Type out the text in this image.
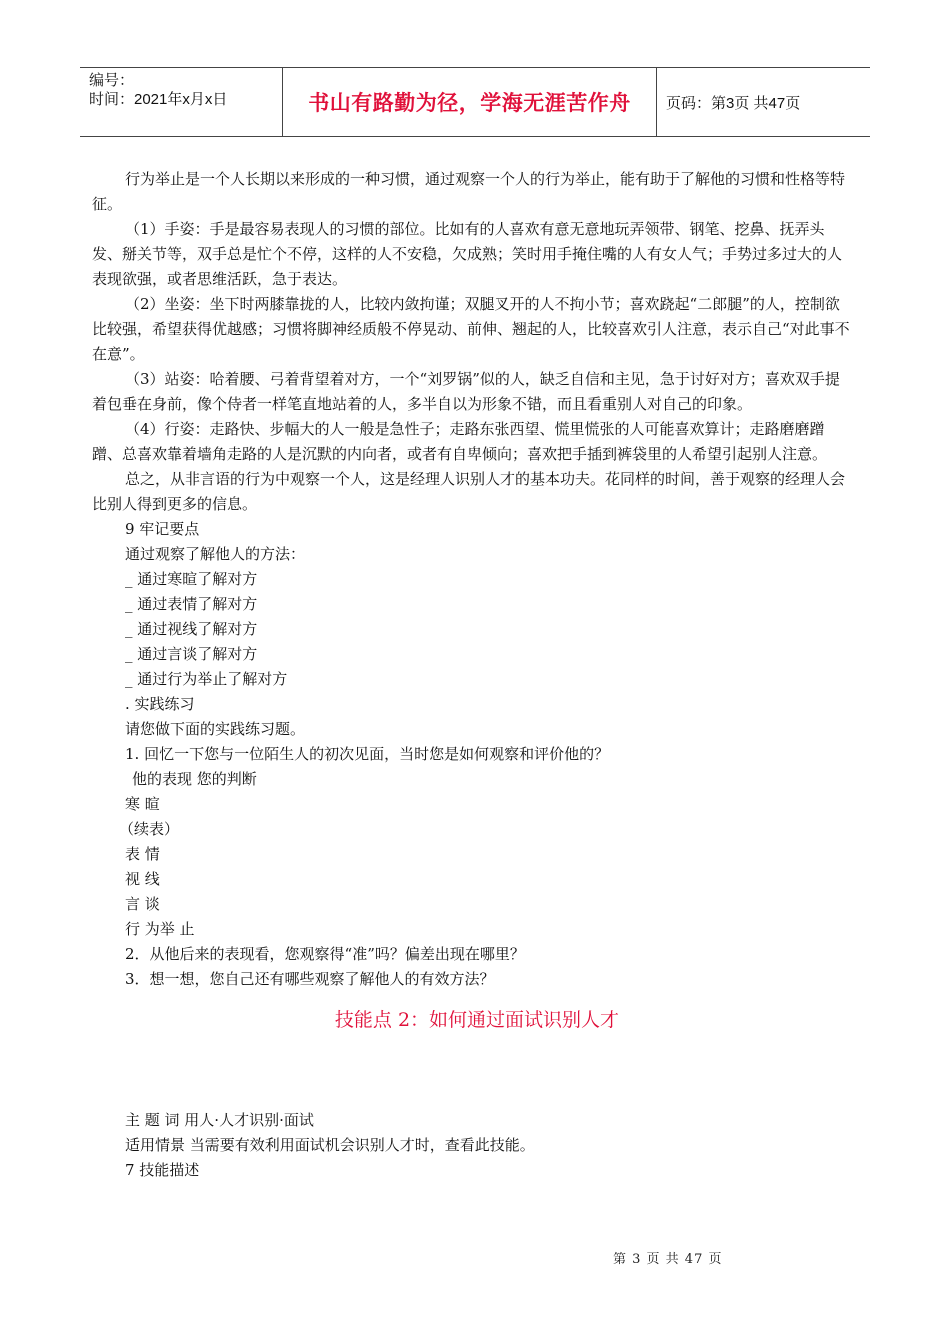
编号：
时间：2021年x月x日	书山有路勤为径，学海无涯苦作舟	页码：第3页 共47页

行为举止是一个人长期以来形成的一种习惯，通过观察一个人的行为举止，能有助于了解他的习惯和性格等特征。

（1）手姿：手是最容易表现人的习惯的部位。比如有的人喜欢有意无意地玩弄领带、钢笔、挖鼻、抚弄头发、掰关节等，双手总是忙个不停，这样的人不安稳，欠成熟；笑时用手掩住嘴的人有女人气；手势过多过大的人表现欲强，或者思维活跃，急于表达。

（2）坐姿：坐下时两膝靠拢的人，比较内敛拘谨；双腿叉开的人不拘小节；喜欢跷起“二郎腿”的人，控制欲比较强，希望获得优越感；习惯将脚神经质般不停晃动、前伸、翘起的人，比较喜欢引人注意，表示自己“对此事不在意”。

（3）站姿：哈着腰、弓着背望着对方，一个“刘罗锅”似的人，缺乏自信和主见，急于讨好对方；喜欢双手提着包垂在身前，像个侍者一样笔直地站着的人，多半自以为形象不错，而且看重别人对自己的印象。

（4）行姿：走路快、步幅大的人一般是急性子；走路东张西望、慌里慌张的人可能喜欢算计；走路磨磨蹭蹭、总喜欢靠着墙角走路的人是沉默的内向者，或者有自卑倾向；喜欢把手插到裤袋里的人希望引起别人注意。

总之，从非言语的行为中观察一个人，这是经理人识别人才的基本功夫。花同样的时间，善于观察的经理人会比别人得到更多的信息。

9 牢记要点

通过观察了解他人的方法：

_ 通过寒暄了解对方

_ 通过表情了解对方

_ 通过视线了解对方

_ 通过言谈了解对方

_ 通过行为举止了解对方

. 实践练习

请您做下面的实践练习题。

1. 回忆一下您与一位陌生人的初次见面，当时您是如何观察和评价他的？

他的表现 您的判断

寒 暄

（续表）

表 情

视 线

言 谈

行 为举 止

2．从他后来的表现看，您观察得“准”吗？偏差出现在哪里？

3．想一想，您自己还有哪些观察了解他人的有效方法？

技能点 2：如何通过面试识别人才

主 题 词 用人·人才识别·面试

适用情景 当需要有效利用面试机会识别人才时，查看此技能。

7 技能描述

第 3 页 共 47 页
